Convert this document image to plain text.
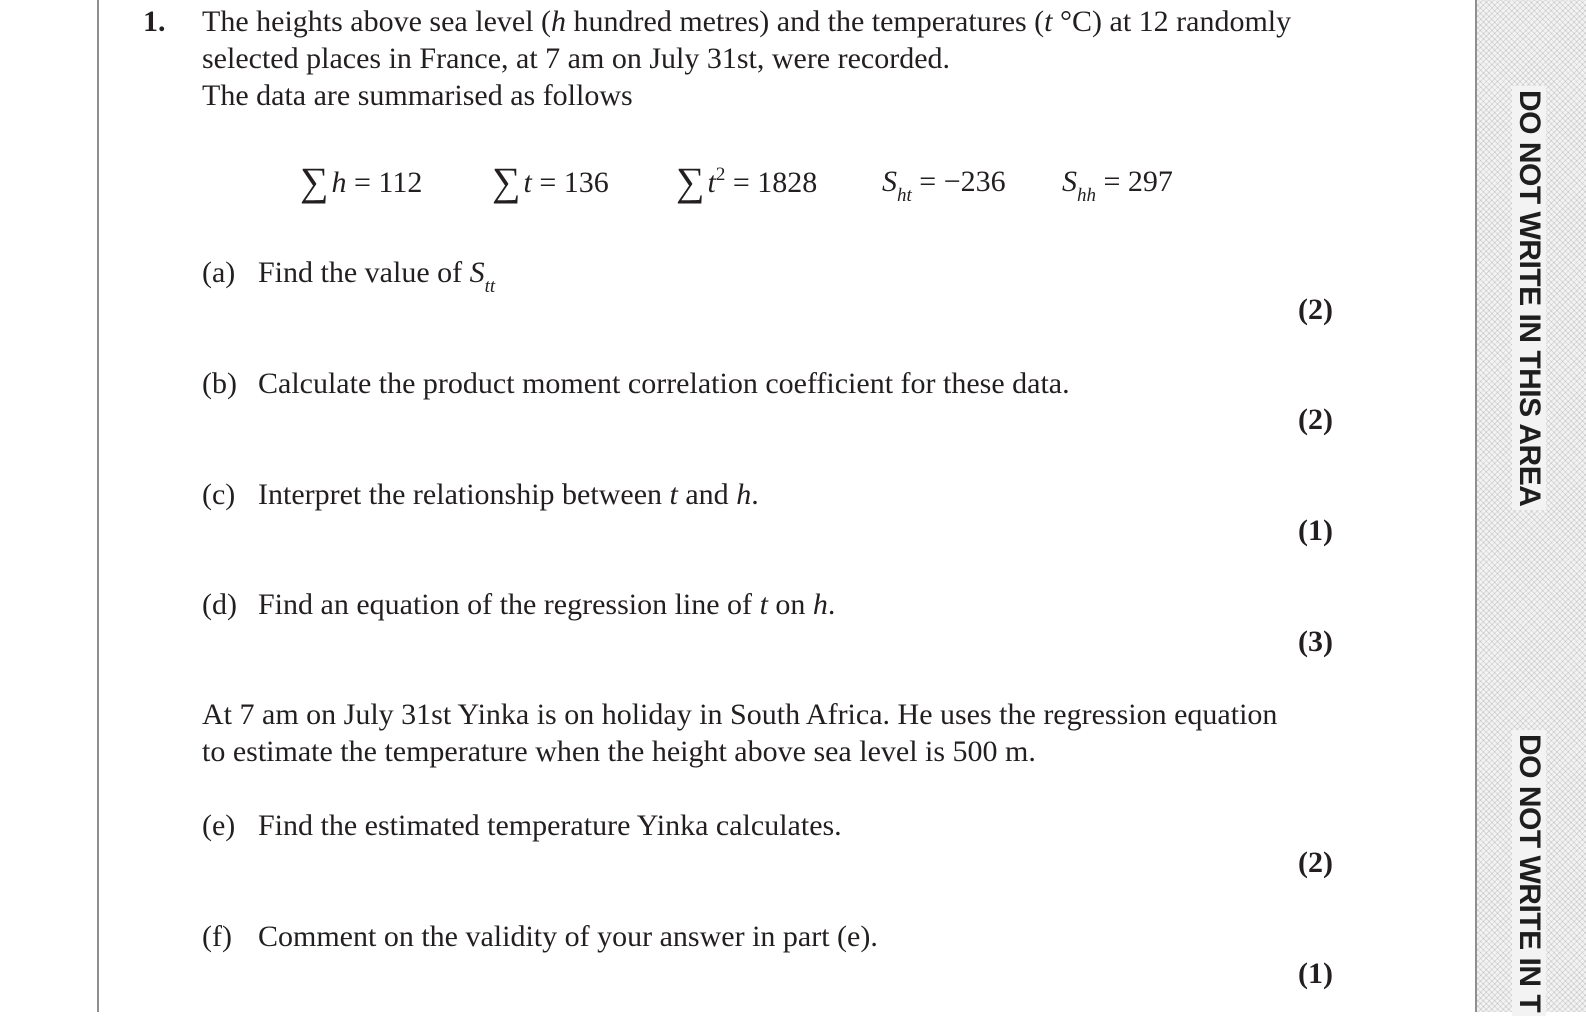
DO NOT WRITE IN THIS AREA
DO NOT WRITE IN T
1. The heights above sea level (h hundred metres) and the temperatures (t °C) at 12 randomly
selected places in France, at 7 am on July 31st, were recorded.
The data are summarised as follows
∑ h = 112 ∑ t = 136 ∑ $t^2 = 1828$ $S_{ht} = -236$ $S_{hh} = 297$
(a) Find the value of $S_{tt}$
(2)
(b) Calculate the product moment correlation coefficient for these data.
(2)
(c) Interpret the relationship between t and h.
(1)
(d) Find an equation of the regression line of t on h.
(3)
At 7 am on July 31st Yinka is on holiday in South Africa. He uses the regression equation
to estimate the temperature when the height above sea level is 500 m.
(e) Find the estimated temperature Yinka calculates.
(2)
(f) Comment on the validity of your answer in part (e).
(1)
